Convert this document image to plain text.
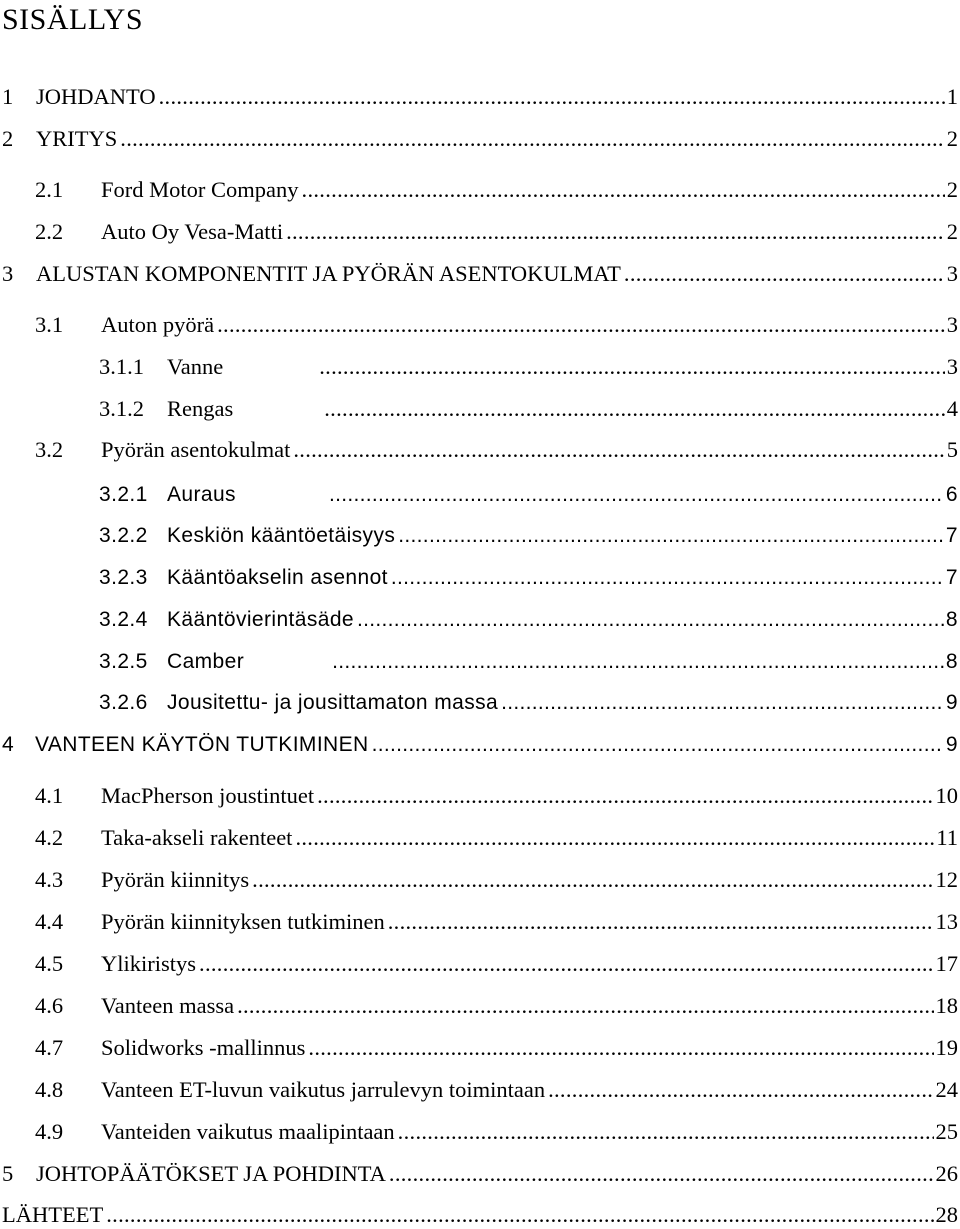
SISÄLLYS
1	JOHDANTO .....	1
2	YRITYS .....	2
2.1	Ford Motor Company .....	2
2.2	Auto Oy Vesa-Matti .....	2
3	ALUSTAN KOMPONENTIT JA PYÖRÄN ASENTOKULMAT .....	3
3.1	Auton pyörä .....	3
3.1.1	Vanne .....	3
3.1.2	Rengas .....	4
3.2	Pyörän asentokulmat .....	5
3.2.1 Auraus .....	6
3.2.2 Keskiön kääntöetäisyys .....	7
3.2.3 Kääntöakselin asennot .....	7
3.2.4 Kääntövierintäsäde .....	8
3.2.5 Camber .....	8
3.2.6 Jousitettu- ja jousittamaton massa .....	9
4 VANTEEN KÄYTÖN TUTKIMINEN .....	9
4.1	MacPherson joustintuet .....	10
4.2	Taka-akseli rakenteet .....	11
4.3	Pyörän kiinnitys .....	12
4.4	Pyörän kiinnityksen tutkiminen .....	13
4.5	Ylikiristys .....	17
4.6	Vanteen massa .....	18
4.7	Solidworks -mallinnus .....	19
4.8	Vanteen ET-luvun vaikutus jarrulevyn toimintaan .....	24
4.9	Vanteiden vaikutus maalipintaan .....	25
5	JOHTOPÄÄTÖKSET JA POHDINTA .....	26
LÄHTEET .....	28
